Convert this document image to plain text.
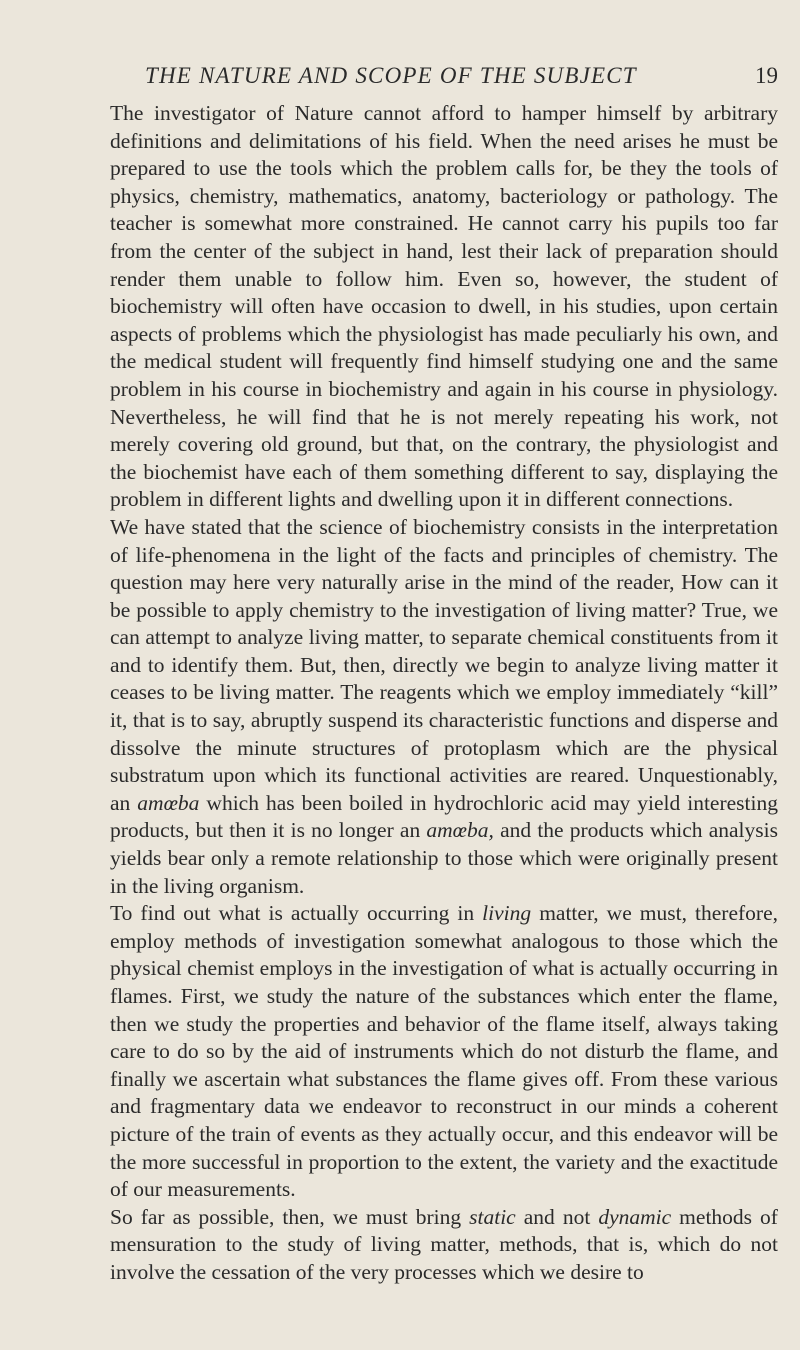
THE NATURE AND SCOPE OF THE SUBJECT	19

The investigator of Nature cannot afford to hamper himself by arbitrary definitions and delimitations of his field. When the need arises he must be prepared to use the tools which the problem calls for, be they the tools of physics, chemistry, mathematics, anatomy, bacteriology or pathology. The teacher is somewhat more constrained. He cannot carry his pupils too far from the center of the subject in hand, lest their lack of preparation should render them unable to follow him. Even so, however, the student of biochemistry will often have occasion to dwell, in his studies, upon certain aspects of problems which the physiologist has made peculiarly his own, and the medical student will frequently find himself studying one and the same problem in his course in biochemistry and again in his course in physiology. Nevertheless, he will find that he is not merely repeating his work, not merely covering old ground, but that, on the contrary, the physiologist and the biochemist have each of them something different to say, displaying the problem in different lights and dwelling upon it in different connections.

We have stated that the science of biochemistry consists in the interpretation of life-phenomena in the light of the facts and principles of chemistry. The question may here very naturally arise in the mind of the reader, How can it be possible to apply chemistry to the investigation of living matter? True, we can attempt to analyze living matter, to separate chemical constituents from it and to identify them. But, then, directly we begin to analyze living matter it ceases to be living matter. The reagents which we employ immediately “kill” it, that is to say, abruptly suspend its characteristic functions and disperse and dissolve the minute structures of protoplasm which are the physical substratum upon which its functional activities are reared. Unquestionably, an amœba which has been boiled in hydrochloric acid may yield interesting products, but then it is no longer an amœba, and the products which analysis yields bear only a remote relationship to those which were originally present in the living organism.

To find out what is actually occurring in living matter, we must, therefore, employ methods of investigation somewhat analogous to those which the physical chemist employs in the investigation of what is actually occurring in flames. First, we study the nature of the substances which enter the flame, then we study the properties and behavior of the flame itself, always taking care to do so by the aid of instruments which do not disturb the flame, and finally we ascertain what substances the flame gives off. From these various and fragmentary data we endeavor to reconstruct in our minds a coherent picture of the train of events as they actually occur, and this endeavor will be the more successful in proportion to the extent, the variety and the exactitude of our measurements.

So far as possible, then, we must bring static and not dynamic methods of mensuration to the study of living matter, methods, that is, which do not involve the cessation of the very processes which we desire to
